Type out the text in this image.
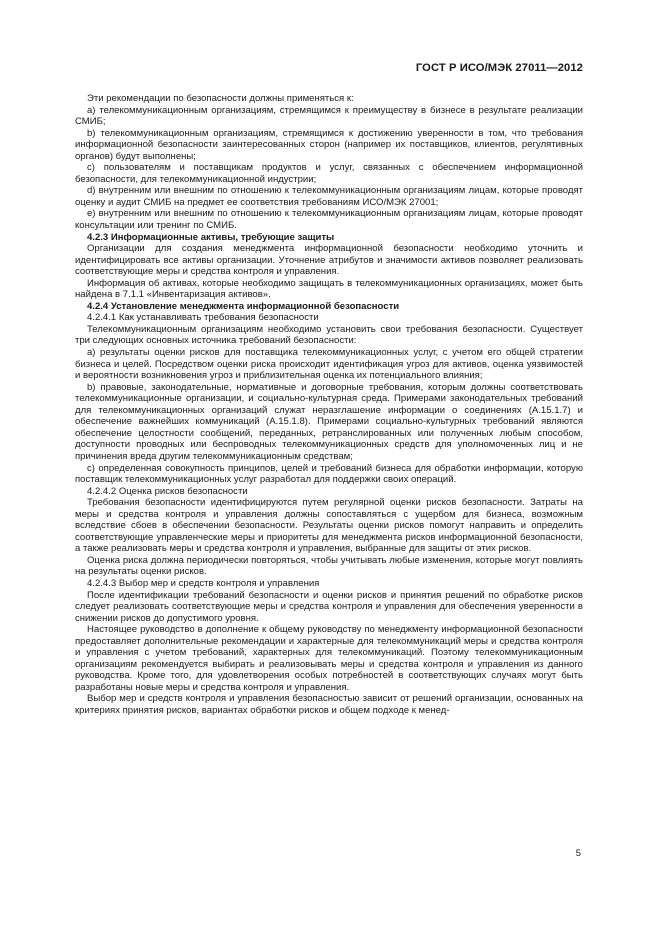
ГОСТ Р ИСО/МЭК 27011—2012

Эти рекомендации по безопасности должны применяться к:

a) телекоммуникационным организациям, стремящимся к преимуществу в бизнесе в результате реализации СМИБ;

b) телекоммуникационным организациям, стремящимся к достижению уверенности в том, что требования информационной безопасности заинтересованных сторон (например их поставщиков, клиентов, регулятивных органов) будут выполнены;

c) пользователям и поставщикам продуктов и услуг, связанных с обеспечением информационной безопасности, для телекоммуникационной индустрии;

d) внутренним или внешним по отношению к телекоммуникационным организациям лицам, которые проводят оценку и аудит СМИБ на предмет ее соответствия требованиям ИСО/МЭК 27001;

e) внутренним или внешним по отношению к телекоммуникационным организациям лицам, которые проводят консультации или тренинг по СМИБ.

4.2.3 Информационные активы, требующие защиты

Организации для создания менеджмента информационной безопасности необходимо уточнить и идентифицировать все активы организации. Уточнение атрибутов и значимости активов позволяет реализовать соответствующие меры и средства контроля и управления.

Информация об активах, которые необходимо защищать в телекоммуникационных организациях, может быть найдена в 7.1.1 «Инвентаризация активов».

4.2.4 Установление менеджмента информационной безопасности

4.2.4.1 Как устанавливать требования безопасности

Телекоммуникационным организациям необходимо установить свои требования безопасности. Существует три следующих основных источника требований безопасности:

a) результаты оценки рисков для поставщика телекоммуникационных услуг, с учетом его общей стратегии бизнеса и целей. Посредством оценки риска происходит идентификация угроз для активов, оценка уязвимостей и вероятности возникновения угроз и приблизительная оценка их потенциального влияния;

b) правовые, законодательные, нормативные и договорные требования, которым должны соответствовать телекоммуникационные организации, и социально-культурная среда. Примерами законодательных требований для телекоммуникационных организаций служат неразглашение информации о соединениях (А.15.1.7) и обеспечение важнейших коммуникаций (А.15.1.8). Примерами социально-культурных требований являются обеспечение целостности сообщений, переданных, ретранслированных или полученных любым способом, доступности проводных или беспроводных телекоммуникационных средств для уполномоченных лиц и не причинения вреда другим телекоммуникационным средствам;

c) определенная совокупность принципов, целей и требований бизнеса для обработки информации, которую поставщик телекоммуникационных услуг разработал для поддержки своих операций.

4.2.4.2 Оценка рисков безопасности

Требования безопасности идентифицируются путем регулярной оценки рисков безопасности. Затраты на меры и средства контроля и управления должны сопоставляться с ущербом для бизнеса, возможным вследствие сбоев в обеспечении безопасности. Результаты оценки рисков помогут направить и определить соответствующие управленческие меры и приоритеты для менеджмента рисков информационной безопасности, а также реализовать меры и средства контроля и управления, выбранные для защиты от этих рисков.

Оценка риска должна периодически повторяться, чтобы учитывать любые изменения, которые могут повлиять на результаты оценки рисков.

4.2.4.3 Выбор мер и средств контроля и управления

После идентификации требований безопасности и оценки рисков и принятия решений по обработке рисков следует реализовать соответствующие меры и средства контроля и управления для обеспечения уверенности в снижении рисков до допустимого уровня.

Настоящее руководство в дополнение к общему руководству по менеджменту информационной безопасности предоставляет дополнительные рекомендации и характерные для телекоммуникаций меры и средства контроля и управления с учетом требований, характерных для телекоммуникаций. Поэтому телекоммуникационным организациям рекомендуется выбирать и реализовывать меры и средства контроля и управления из данного руководства. Кроме того, для удовлетворения особых потребностей в соответствующих случаях могут быть разработаны новые меры и средства контроля и управления.

Выбор мер и средств контроля и управления безопасностью зависит от решений организации, основанных на критериях принятия рисков, вариантах обработки рисков и общем подходе к менед-

5
